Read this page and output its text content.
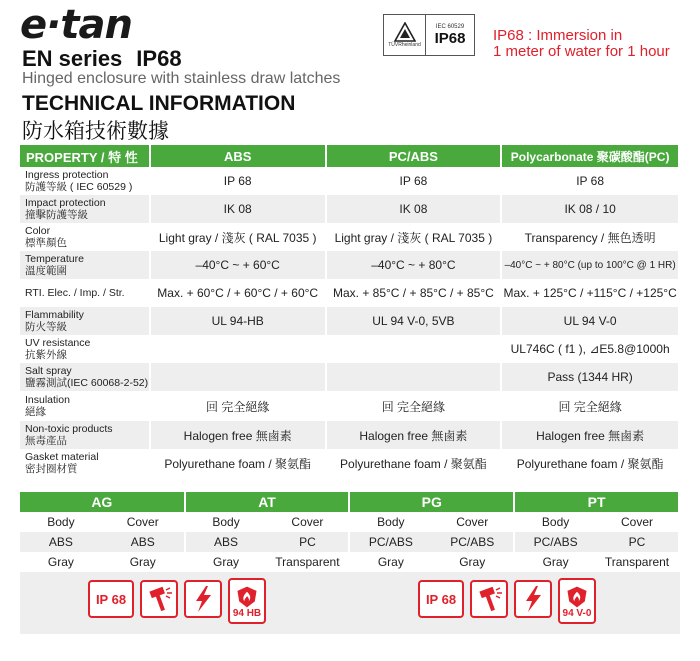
e·tan
EN series IP68
Hinged enclosure with stainless draw latches
TECHNICAL INFORMATION
防水箱技術數據
TÜVRheinland
IEC 60529
IP68 IP68 : Immersion in
1 meter of water for 1 hour
PROPERTY / 特 性	ABS	PC/ABS	Polycarbonate 聚碳酸酯(PC)

Ingress protection
防護等級 ( IEC 60529 )	IP 68	IP 68	IP 68

Impact protection
撞擊防護等級	IK 08	IK 08	IK 08 / 10

Color
標準顏色	Light gray / 淺灰 ( RAL 7035 )	Light gray / 淺灰 ( RAL 7035 )	Transparency / 無色透明

Temperature
溫度範圍	–40°C ~ + 60°C	–40°C ~ + 80°C	–40°C ~ + 80°C (up to 100°C @ 1 HR)

RTI. Elec. / Imp. / Str.	Max. + 60°C / + 60°C / + 60°C	Max. + 85°C / + 85°C / + 85°C	Max. + 125°C / +115°C / +125°C

Flammability
防火等級	UL 94-HB	UL 94 V-0, 5VB	UL 94 V-0

UV resistance
抗紫外線			UL746C ( f1 ), ⊿E5.8@1000h

Salt spray
鹽霧測試(IEC 60068-2-52)			Pass (1344 HR)

Insulation
絕緣	回 完全絕緣	回 完全絕緣	回 完全絕緣

Non-toxic products
無毒產品	Halogen free 無鹵素	Halogen free 無鹵素	Halogen free 無鹵素

Gasket material
密封圈材質	Polyurethane foam / 聚氨酯	Polyurethane foam / 聚氨酯	Polyurethane foam / 聚氨酯
AG		AT		PG		PT	
Body	Cover	Body	Cover	Body	Cover	Body	Cover
ABS	ABS	ABS	PC	PC/ABS	PC/ABS	PC/ABS	PC
Gray	Gray	Gray	Transparent	Gray	Gray	Gray	Transparent
IP 68
94 HB
IP 68
94 V-0
